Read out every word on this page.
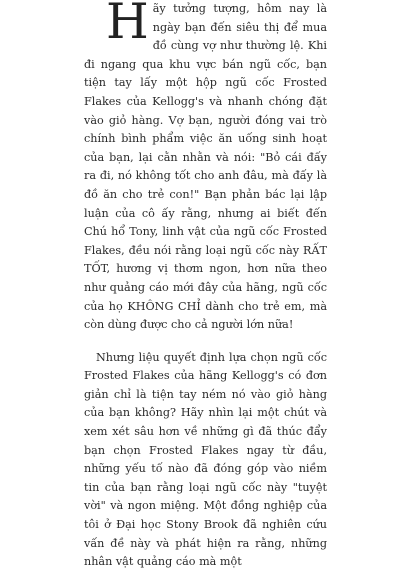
Hãy tưởng tượng, hôm nay là ngày bạn đến siêu thị để mua đồ cùng vợ như thường lệ. Khi đi ngang qua khu vực bán ngũ cốc, bạn tiện tay lấy một hộp ngũ cốc Frosted Flakes của Kellogg's và nhanh chóng đặt vào giỏ hàng. Vợ bạn, người đóng vai trò chính bình phẩm việc ăn uống sinh hoạt của bạn, lại cằn nhằn và nói: "Bỏ cái đấy ra đi, nó không tốt cho anh đâu, mà đấy là đồ ăn cho trẻ con!" Bạn phản bác lại lập luận của cô ấy rằng, nhưng ai biết đến Chú hổ Tony, linh vật của ngũ cốc Frosted Flakes, đều nói rằng loại ngũ cốc này RẤT TỐT, hương vị thơm ngon, hơn nữa theo như quảng cáo mới đây của hãng, ngũ cốc của họ KHÔNG CHỈ dành cho trẻ em, mà còn dùng được cho cả người lớn nữa!

Nhưng liệu quyết định lựa chọn ngũ cốc Frosted Flakes của hãng Kellogg's có đơn giản chỉ là tiện tay ném nó vào giỏ hàng của bạn không? Hãy nhìn lại một chút và xem xét sâu hơn về những gì đã thúc đẩy bạn chọn Frosted Flakes ngay từ đầu, những yếu tố nào đã đóng góp vào niềm tin của bạn rằng loại ngũ cốc này "tuyệt vời" và ngon miệng. Một đồng nghiệp của tôi ở Đại học Stony Brook đã nghiên cứu vấn đề này và phát hiện ra rằng, những nhân vật quảng cáo mà một
